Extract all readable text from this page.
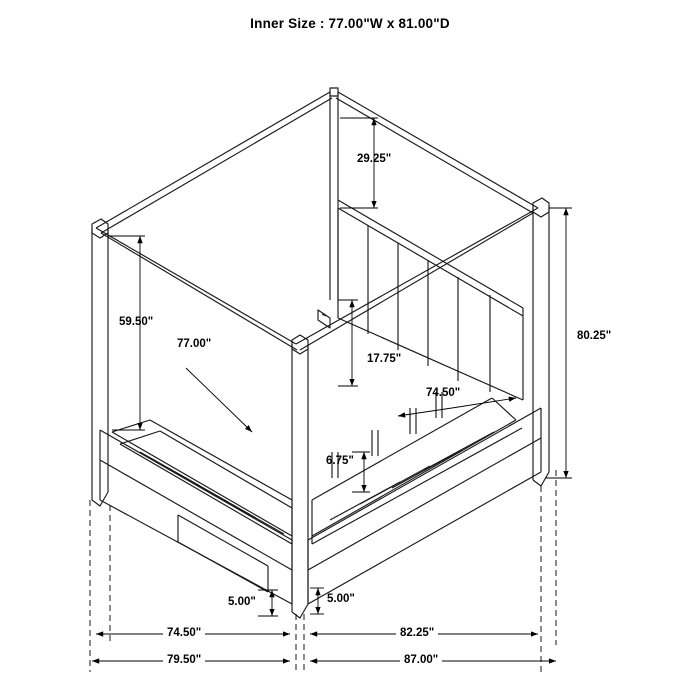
Inner Size : 77.00"W x 81.00"D
29.25"
80.25"
59.50"
77.00"
17.75"
74.50"
6.75"
5.00"	5.00"
74.50"	82.25"
79.50"	87.00"
